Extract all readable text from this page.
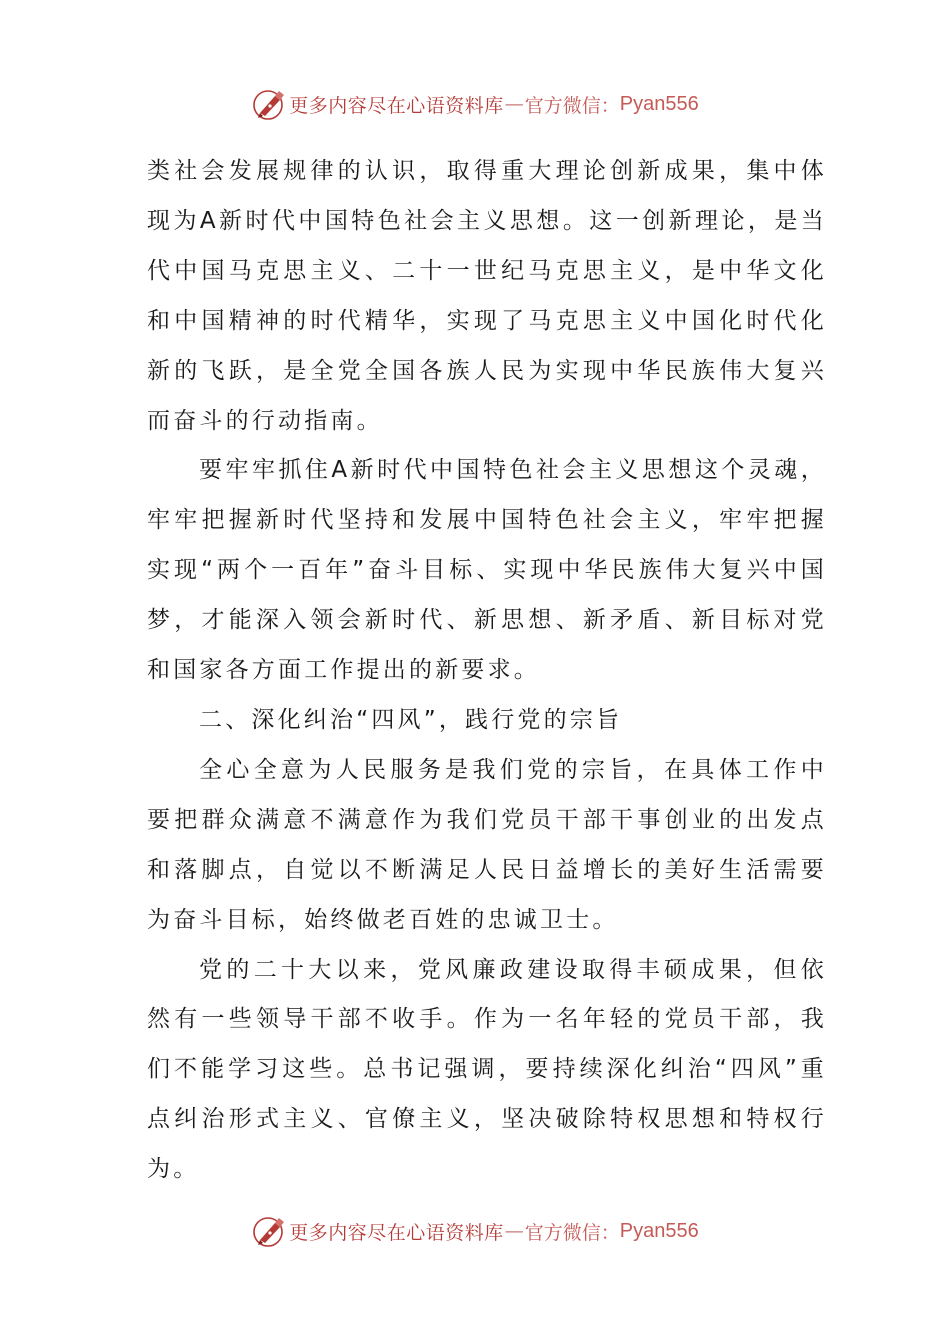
更多内容尽在心语资料库 — 官方微信： Pyan556

类社会发展规律的认识，取得重大理论创新成果，集中体现为A新时代中国特色社会主义思想。这一创新理论，是当代中国马克思主义、二十一世纪马克思主义，是中华文化和中国精神的时代精华，实现了马克思主义中国化时代化新的飞跃，是全党全国各族人民为实现中华民族伟大复兴而奋斗的行动指南。

要牢牢抓住A新时代中国特色社会主义思想这个灵魂，牢牢把握新时代坚持和发展中国特色社会主义，牢牢把握实现“两个一百年”奋斗目标、实现中华民族伟大复兴中国梦，才能深入领会新时代、新思想、新矛盾、新目标对党和国家各方面工作提出的新要求。

二、深化纠治“四风”，践行党的宗旨

全心全意为人民服务是我们党的宗旨，在具体工作中要把群众满意不满意作为我们党员干部干事创业的出发点和落脚点，自觉以不断满足人民日益增长的美好生活需要为奋斗目标，始终做老百姓的忠诚卫士。

党的二十大以来，党风廉政建设取得丰硕成果，但依然有一些领导干部不收手。作为一名年轻的党员干部，我们不能学习这些。总书记强调，要持续深化纠治“四风”重点纠治形式主义、官僚主义，坚决破除特权思想和特权行为。

更多内容尽在心语资料库 — 官方微信： Pyan556
